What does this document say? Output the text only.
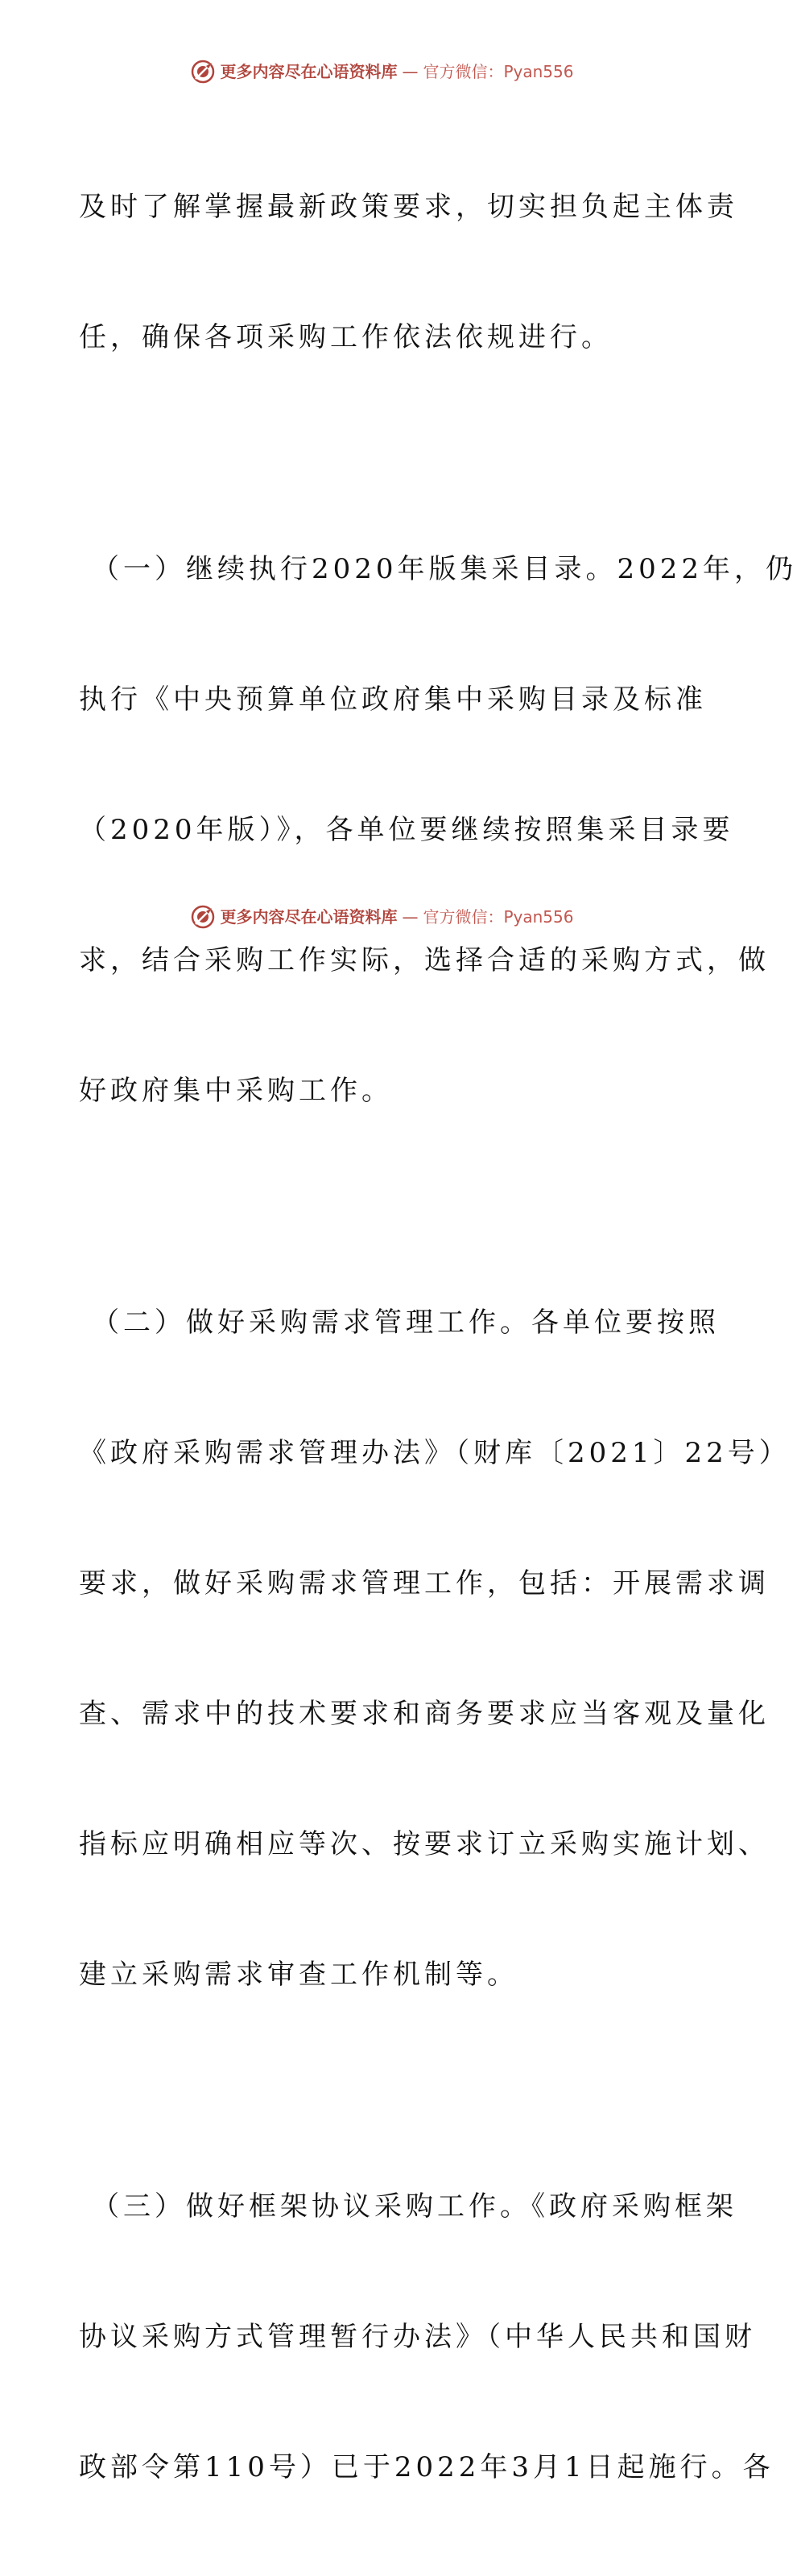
更多内容尽在心语资料库 — 官方微信：Pyan556

及时了解掌握最新政策要求，切实担负起主体责

任，确保各项采购工作依法依规进行。

（一）继续执行2020年版集采目录。2022年，仍

执行《中央预算单位政府集中采购目录及标准

（2020年版）》，各单位要继续按照集采目录要

求，结合采购工作实际，选择合适的采购方式，做

好政府集中采购工作。

（二）做好采购需求管理工作。各单位要按照

《政府采购需求管理办法》（财库〔2021〕22号）

要求，做好采购需求管理工作，包括：开展需求调

查、需求中的技术要求和商务要求应当客观及量化

指标应明确相应等次、按要求订立采购实施计划、

建立采购需求审查工作机制等。

（三）做好框架协议采购工作。《政府采购框架

协议采购方式管理暂行办法》（中华人民共和国财

政部令第110号）已于2022年3月1日起施行。各

更多内容尽在心语资料库 — 官方微信：Pyan556
